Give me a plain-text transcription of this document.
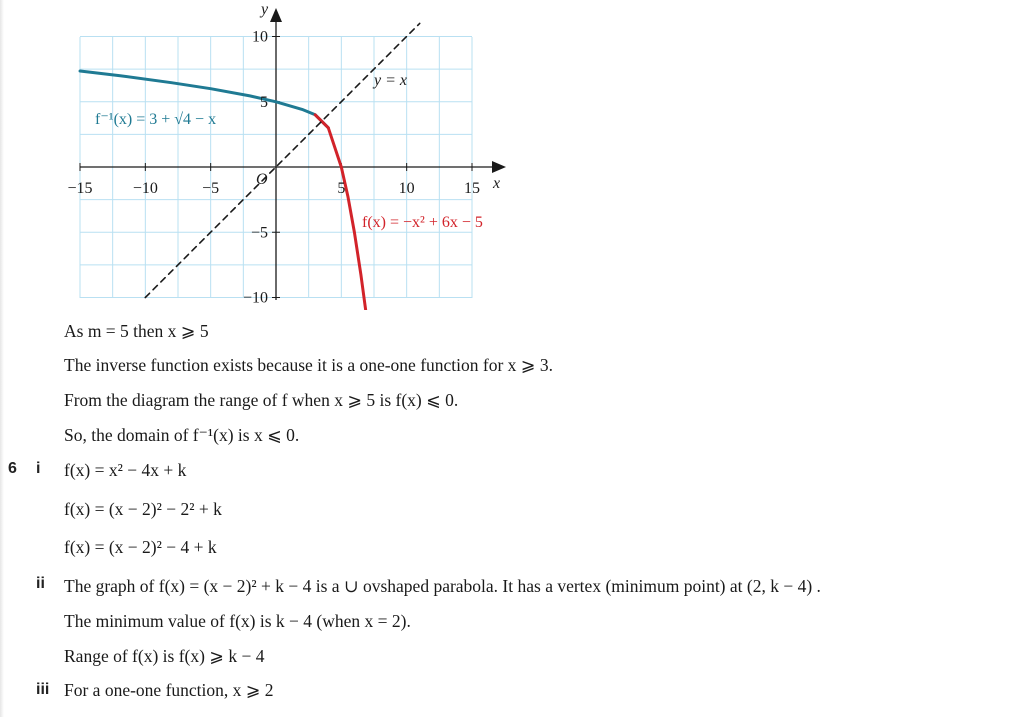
x
y
O
y = x
f⁻¹(x) = 3 + √4 − x
f(x) = −x² + 6x − 5
−15	−10	−5	5	10	15
10
5
−5
−10
As m = 5 then x ⩾ 5
The inverse function exists because it is a one-one function for x ⩾ 3.
From the diagram the range of f when x ⩾ 5 is f(x) ⩽ 0.
So, the domain of f⁻¹(x) is x ⩽ 0.
6 i f(x) = x² − 4x + k
f(x) = (x − 2)² − 2² + k
f(x) = (x − 2)² − 4 + k
ii The graph of f(x) = (x − 2)² + k − 4 is a ∪ ovshaped parabola. It has a vertex (minimum point) at (2, k − 4) .
The minimum value of f(x) is k − 4 (when x = 2).
Range of f(x) is f(x) ⩾ k − 4
iii For a one-one function, x ⩾ 2
